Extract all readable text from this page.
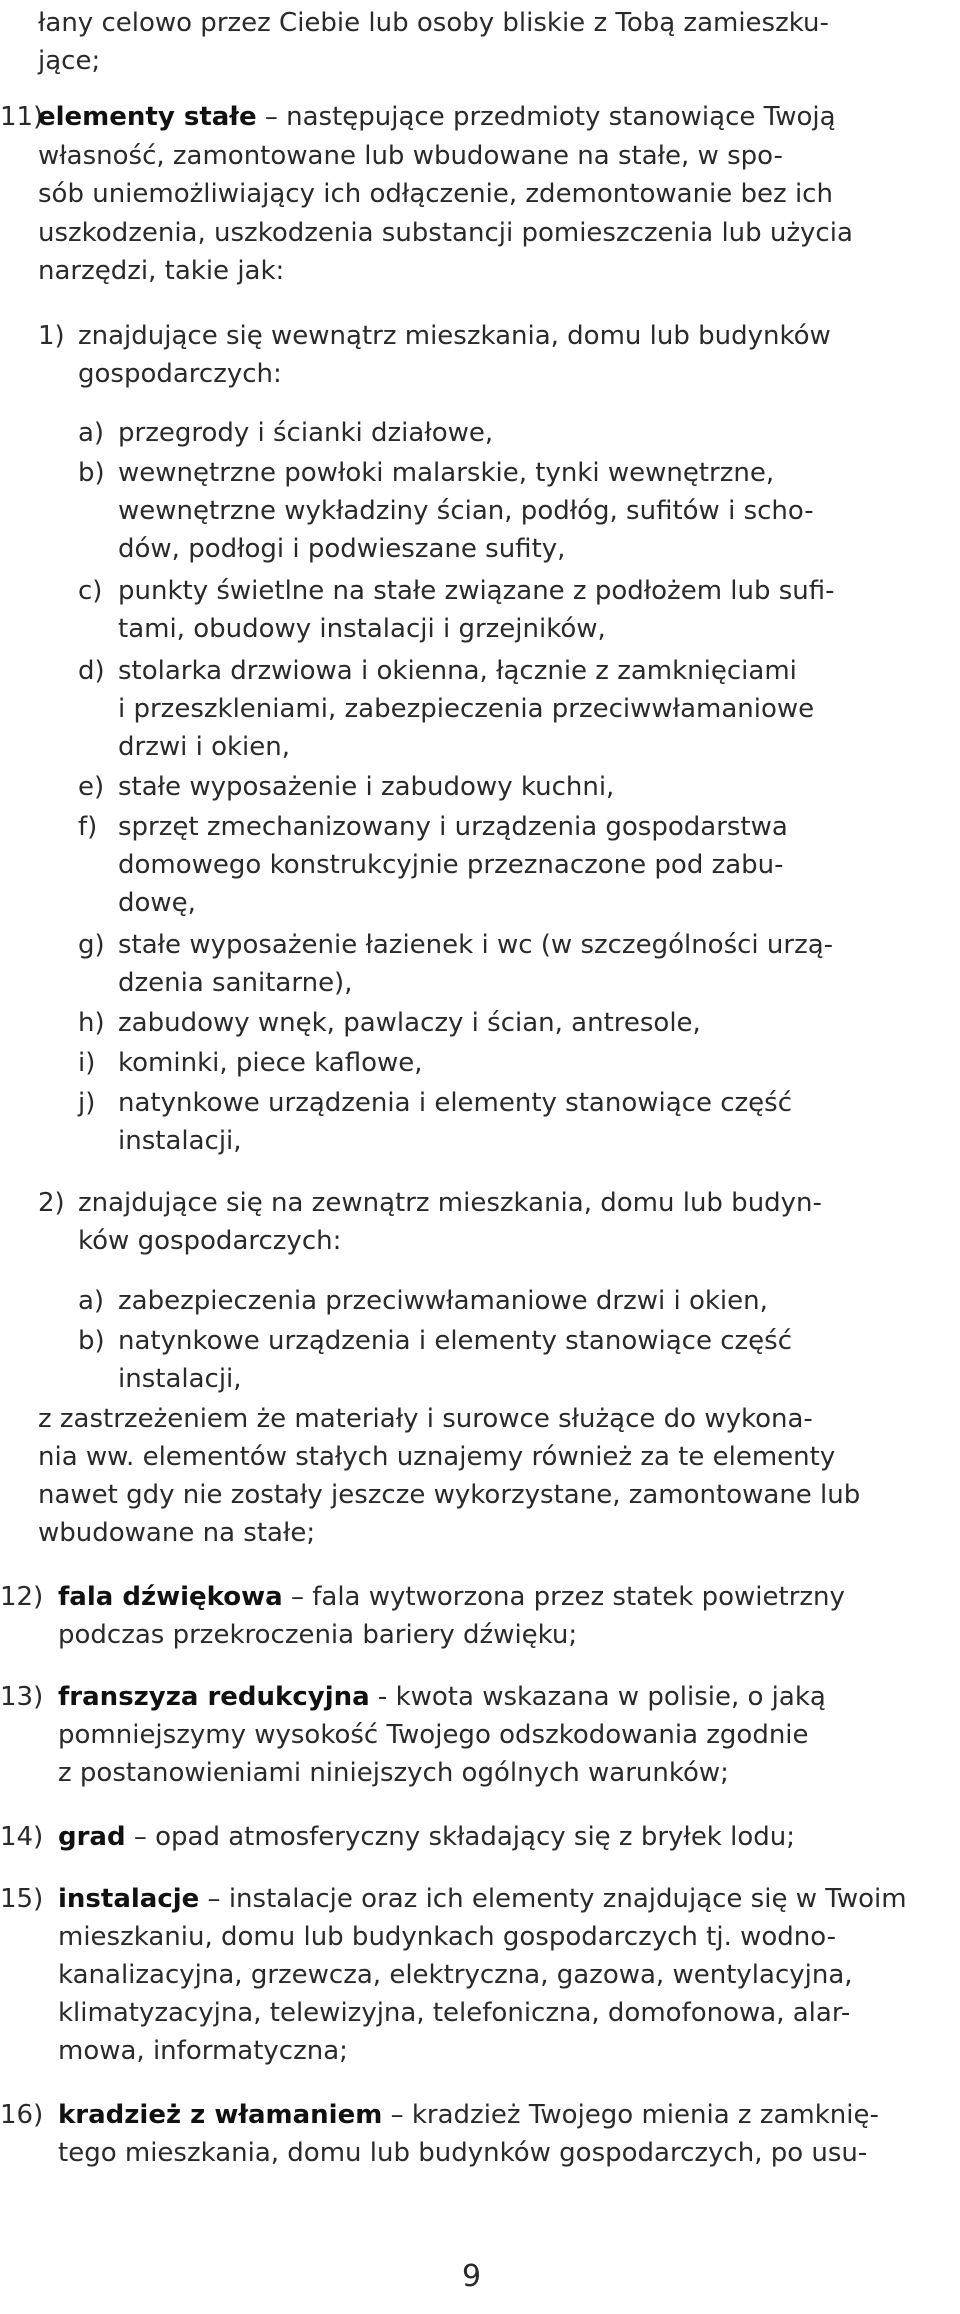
łany celowo przez Ciebie lub osoby bliskie z Tobą zamieszku-
jące;
11)
elementy stałe – następujące przedmioty stanowiące Twoją
własność, zamontowane lub wbudowane na stałe, w spo-
sób uniemożliwiający ich odłączenie, zdemontowanie bez ich
uszkodzenia, uszkodzenia substancji pomieszczenia lub użycia
narzędzi, takie jak:
1) znajdujące się wewnątrz mieszkania, domu lub budynków
gospodarczych:
a) przegrody i ścianki działowe,
b) wewnętrzne powłoki malarskie, tynki wewnętrzne,
wewnętrzne wykładziny ścian, podłóg, sufitów i scho-
dów, podłogi i podwieszane sufity,
c) punkty świetlne na stałe związane z podłożem lub sufi-
tami, obudowy instalacji i grzejników,
d) stolarka drzwiowa i okienna, łącznie z zamknięciami
i przeszkleniami, zabezpieczenia przeciwwłamaniowe
drzwi i okien,
e) stałe wyposażenie i zabudowy kuchni,
f) sprzęt zmechanizowany i urządzenia gospodarstwa
domowego konstrukcyjnie przeznaczone pod zabu-
dowę,
g) stałe wyposażenie łazienek i wc (w szczególności urzą-
dzenia sanitarne),
h) zabudowy wnęk, pawlaczy i ścian, antresole,
i) kominki, piece kaflowe,
j) natynkowe urządzenia i elementy stanowiące część
instalacji,
2) znajdujące się na zewnątrz mieszkania, domu lub budyn-
ków gospodarczych:
a) zabezpieczenia przeciwwłamaniowe drzwi i okien,
b) natynkowe urządzenia i elementy stanowiące część
instalacji,
z zastrzeżeniem że materiały i surowce służące do wykona-
nia ww. elementów stałych uznajemy również za te elementy
nawet gdy nie zostały jeszcze wykorzystane, zamontowane lub
wbudowane na stałe;
12) fala dźwiękowa – fala wytworzona przez statek powietrzny
podczas przekroczenia bariery dźwięku;
13) franszyza redukcyjna - kwota wskazana w polisie, o jaką
pomniejszymy wysokość Twojego odszkodowania zgodnie
z postanowieniami niniejszych ogólnych warunków;
14) grad – opad atmosferyczny składający się z bryłek lodu;
15) instalacje – instalacje oraz ich elementy znajdujące się w Twoim
mieszkaniu, domu lub budynkach gospodarczych tj. wodno-
kanalizacyjna, grzewcza, elektryczna, gazowa, wentylacyjna,
klimatyzacyjna, telewizyjna, telefoniczna, domofonowa, alar-
mowa, informatyczna;
16) kradzież z włamaniem – kradzież Twojego mienia z zamknię-
tego mieszkania, domu lub budynków gospodarczych, po usu-
9
